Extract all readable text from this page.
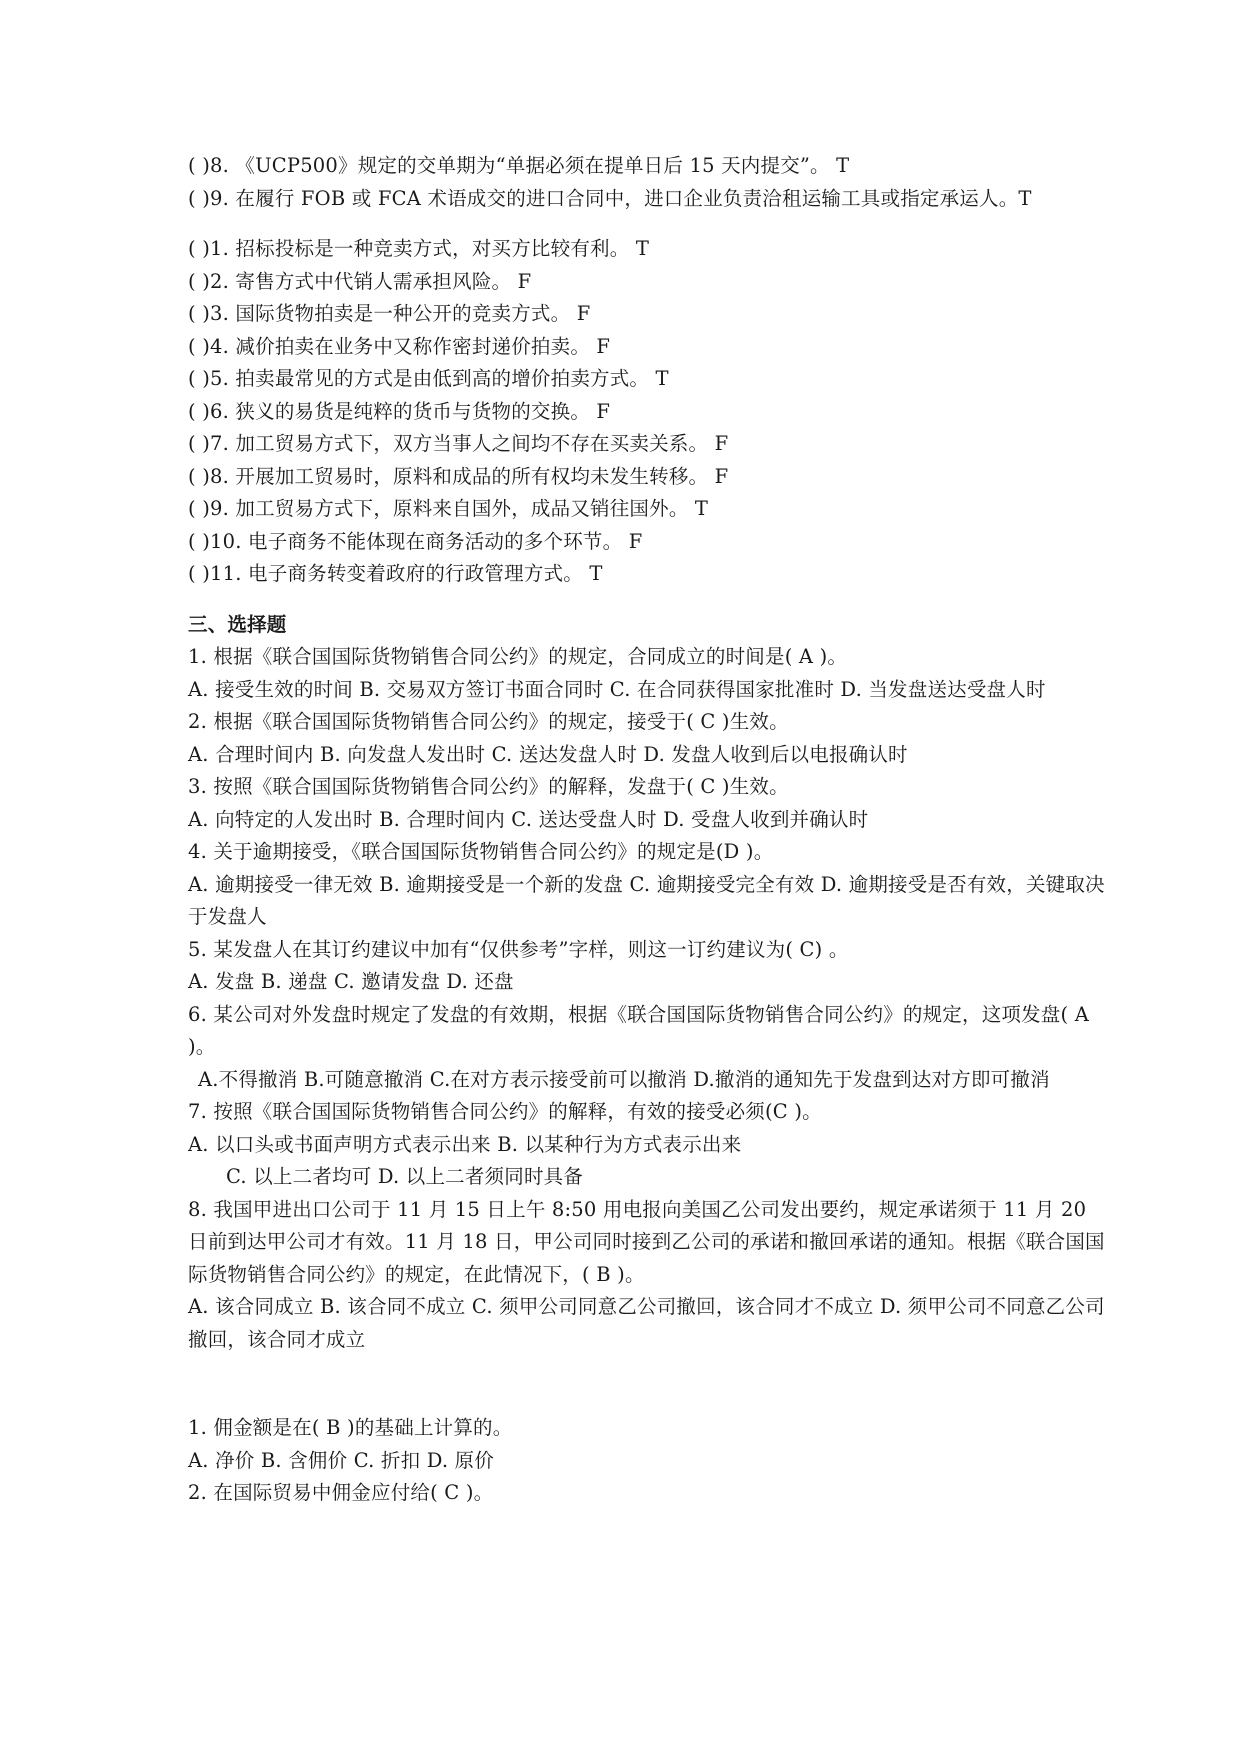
( )8. 《UCP500》规定的交单期为“单据必须在提单日后 15 天内提交”。 T
( )9. 在履行 FOB 或 FCA 术语成交的进口合同中，进口企业负责洽租运输工具或指定承运人。T
( )1. 招标投标是一种竞卖方式，对买方比较有利。 T
( )2. 寄售方式中代销人需承担风险。 F
( )3. 国际货物拍卖是一种公开的竞卖方式。 F
( )4. 减价拍卖在业务中又称作密封递价拍卖。 F
( )5. 拍卖最常见的方式是由低到高的增价拍卖方式。 T
( )6. 狭义的易货是纯粹的货币与货物的交换。 F
( )7. 加工贸易方式下，双方当事人之间均不存在买卖关系。 F
( )8. 开展加工贸易时，原料和成品的所有权均未发生转移。 F
( )9. 加工贸易方式下，原料来自国外，成品又销往国外。 T
( )10. 电子商务不能体现在商务活动的多个环节。 F
( )11. 电子商务转变着政府的行政管理方式。 T
三、选择题
1. 根据《联合国国际货物销售合同公约》的规定，合同成立的时间是( A )。
A. 接受生效的时间 B. 交易双方签订书面合同时 C. 在合同获得国家批准时 D. 当发盘送达受盘人时
2. 根据《联合国国际货物销售合同公约》的规定，接受于( C )生效。
A. 合理时间内 B. 向发盘人发出时 C. 送达发盘人时 D. 发盘人收到后以电报确认时
3. 按照《联合国国际货物销售合同公约》的解释，发盘于( C )生效。
A. 向特定的人发出时 B. 合理时间内 C. 送达受盘人时 D. 受盘人收到并确认时
4. 关于逾期接受，《联合国国际货物销售合同公约》的规定是(D )。
A. 逾期接受一律无效 B. 逾期接受是一个新的发盘 C. 逾期接受完全有效 D. 逾期接受是否有效，关键取决于发盘人
5. 某发盘人在其订约建议中加有“仅供参考”字样，则这一订约建议为( C) 。
A. 发盘 B. 递盘 C. 邀请发盘 D. 还盘
6. 某公司对外发盘时规定了发盘的有效期，根据《联合国国际货物销售合同公约》的规定，这项发盘( A )。
A.不得撤消 B.可随意撤消 C.在对方表示接受前可以撤消 D.撤消的通知先于发盘到达对方即可撤消
7. 按照《联合国国际货物销售合同公约》的解释，有效的接受必须(C )。
A. 以口头或书面声明方式表示出来 B. 以某种行为方式表示出来
C. 以上二者均可 D. 以上二者须同时具备
8. 我国甲进出口公司于 11 月 15 日上午 8:50 用电报向美国乙公司发出要约，规定承诺须于 11 月 20 日前到达甲公司才有效。11 月 18 日，甲公司同时接到乙公司的承诺和撤回承诺的通知。根据《联合国国际货物销售合同公约》的规定，在此情况下，( B )。
A. 该合同成立 B. 该合同不成立 C. 须甲公司同意乙公司撤回，该合同才不成立 D. 须甲公司不同意乙公司撤回，该合同才成立
1. 佣金额是在( B )的基础上计算的。
A. 净价 B. 含佣价 C. 折扣 D. 原价
2. 在国际贸易中佣金应付给( C )。
